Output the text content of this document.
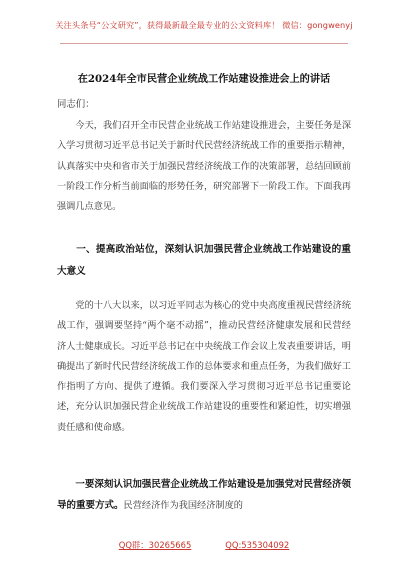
关注头条号“公文研究”，获得最新最全最专业的公文资料库！ 微信：gongwenyj
在2024年全市民营企业统战工作站建设推进会上的讲话
同志们：

今天，我们召开全市民营企业统战工作站建设推进会，主要任务是深入学习贯彻习近平总书记关于新时代民营经济统战工作的重要指示精神，认真落实中央和省市关于加强民营经济统战工作的决策部署，总结回顾前一阶段工作分析当前面临的形势任务，研究部署下一阶段工作。下面我再强调几点意见。

一、提高政治站位，深刻认识加强民营企业统战工作站建设的重大意义

党的十八大以来，以习近平同志为核心的党中央高度重视民营经济统战工作，强调要坚持“两个毫不动摇”，推动民营经济健康发展和民营经济人士健康成长。习近平总书记在中央统战工作会议上发表重要讲话，明确提出了新时代民营经济统战工作的总体要求和重点任务，为我们做好工作指明了方向、提供了遵循。我们要深入学习贯彻习近平总书记重要论述，充分认识加强民营企业统战工作站建设的重要性和紧迫性，切实增强责任感和使命感。

一要深刻认识加强民营企业统战工作站建设是加强党对民营经济领导的重要方式。民营经济作为我国经济制度的

QQ群：30265665	QQ:535304092
